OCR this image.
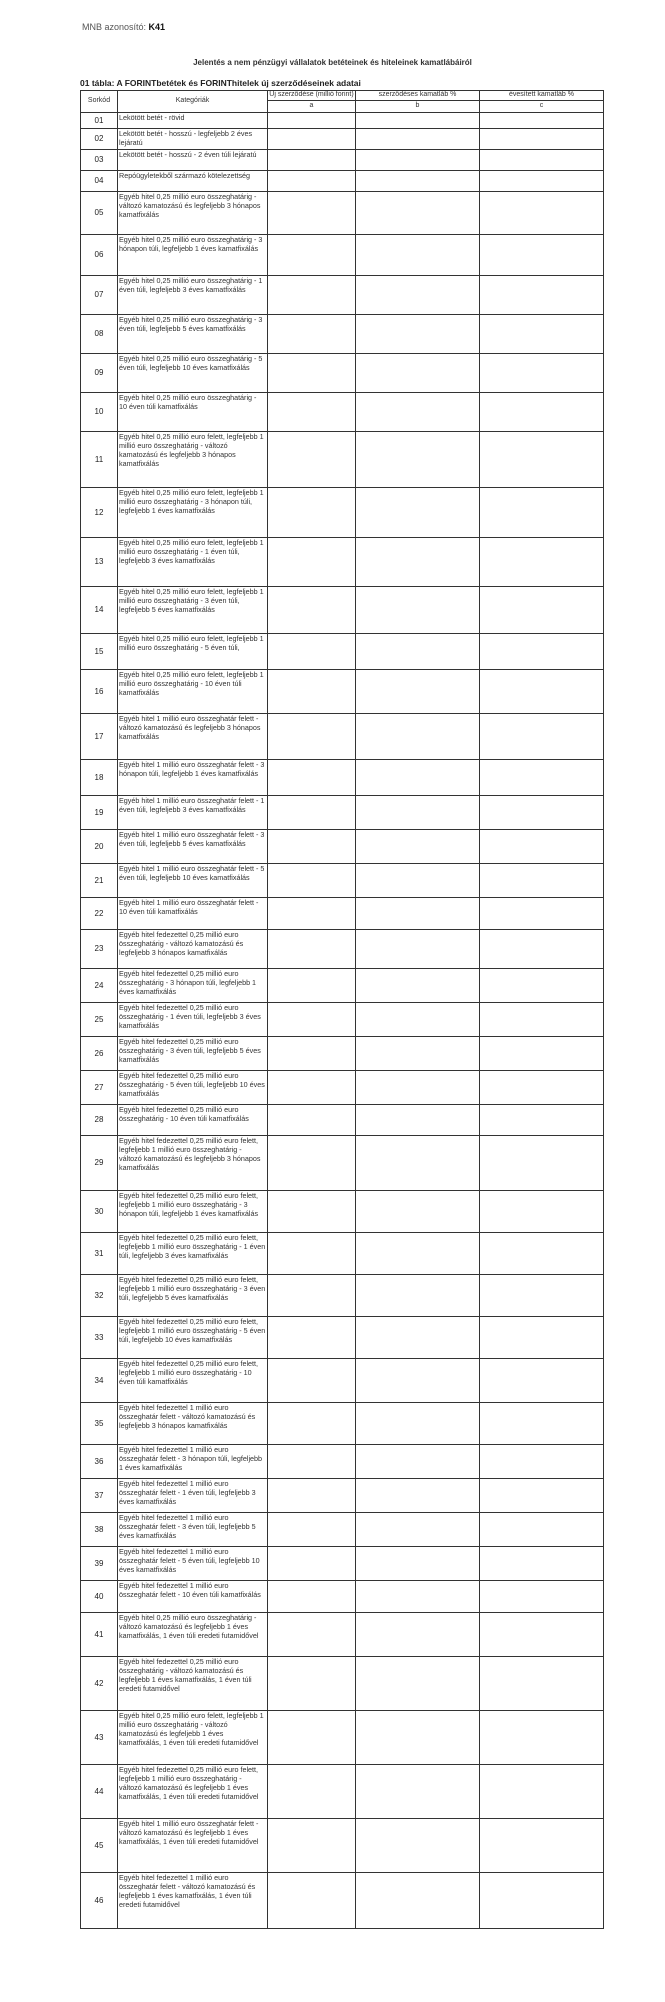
MNB azonosító: K41
Jelentés a nem pénzügyi vállalatok betéteinek és hiteleinek kamatlábáiról
01 tábla: A FORINTbetétek és FORINThitelek új szerződéseinek adatai
Sorkód	Kategóriák	Új szerződése (millió forint)	szerződéses kamatláb %	évesített kamatláb %
		a	b	c
01	Lekötött betét - rövid			
02	Lekötött betét - hosszú - legfeljebb 2 éves lejáratú			
03	Lekötött betét - hosszú - 2 éven túli lejáratú			
04	Repóügyletekből származó kötelezettség			
05	Egyéb hitel 0,25 millió euro összeghatárig - változó kamatozású és legfeljebb 3 hónapos kamatfixálás			
06	Egyéb hitel 0,25 millió euro összeghatárig - 3 hónapon túli, legfeljebb 1 éves kamatfixálás			
07	Egyéb hitel 0,25 millió euro összeghatárig - 1 éven túli, legfeljebb 3 éves kamatfixálás			
08	Egyéb hitel 0,25 millió euro összeghatárig - 3 éven túli, legfeljebb 5 éves kamatfixálás			
09	Egyéb hitel 0,25 millió euro összeghatárig - 5 éven túli, legfeljebb 10 éves kamatfixálás			
10	Egyéb hitel 0,25 millió euro összeghatárig - 10 éven túli kamatfixálás			
11	Egyéb hitel 0,25 millió euro felett, legfeljebb 1 millió euro összeghatárig - változó kamatozású és legfeljebb 3 hónapos kamatfixálás			
12	Egyéb hitel 0,25 millió euro felett, legfeljebb 1 millió euro összeghatárig - 3 hónapon túli, legfeljebb 1 éves kamatfixálás			
13	Egyéb hitel 0,25 millió euro felett, legfeljebb 1 millió euro összeghatárig - 1 éven túli, legfeljebb 3 éves kamatfixálás			
14	Egyéb hitel 0,25 millió euro felett, legfeljebb 1 millió euro összeghatárig - 3 éven túli, legfeljebb 5 éves kamatfixálás			
15	Egyéb hitel 0,25 millió euro felett, legfeljebb 1 millió euro összeghatárig - 5 éven túli,			
16	Egyéb hitel 0,25 millió euro felett, legfeljebb 1 millió euro összeghatárig - 10 éven túli kamatfixálás			
17	Egyéb hitel 1 millió euro összeghatár felett - változó kamatozású és legfeljebb 3 hónapos kamatfixálás			
18	Egyéb hitel 1 millió euro összeghatár felett - 3 hónapon túli, legfeljebb 1 éves kamatfixálás			
19	Egyéb hitel 1 millió euro összeghatár felett - 1 éven túli, legfeljebb 3 éves kamatfixálás			
20	Egyéb hitel 1 millió euro összeghatár felett - 3 éven túli, legfeljebb 5 éves kamatfixálás			
21	Egyéb hitel 1 millió euro összeghatár felett - 5 éven túli, legfeljebb 10 éves kamatfixálás			
22	Egyéb hitel 1 millió euro összeghatár felett - 10 éven túli kamatfixálás			
23	Egyéb hitel fedezettel 0,25 millió euro összeghatárig - változó kamatozású és legfeljebb 3 hónapos kamatfixálás			
24	Egyéb hitel fedezettel 0,25 millió euro összeghatárig - 3 hónapon túli, legfeljebb 1 éves kamatfixálás			
25	Egyéb hitel fedezettel 0,25 millió euro összeghatárig - 1 éven túli, legfeljebb 3 éves kamatfixálás			
26	Egyéb hitel fedezettel 0,25 millió euro összeghatárig - 3 éven túli, legfeljebb 5 éves kamatfixálás			
27	Egyéb hitel fedezettel 0,25 millió euro összeghatárig - 5 éven túli, legfeljebb 10 éves kamatfixálás			
28	Egyéb hitel fedezettel 0,25 millió euro összeghatárig - 10 éven túli kamatfixálás			
29	Egyéb hitel fedezettel 0,25 millió euro felett, legfeljebb 1 millió euro összeghatárig - változó kamatozású és legfeljebb 3 hónapos kamatfixálás			
30	Egyéb hitel fedezettel 0,25 millió euro felett, legfeljebb 1 millió euro összeghatárig - 3 hónapon túli, legfeljebb 1 éves kamatfixálás			
31	Egyéb hitel fedezettel 0,25 millió euro felett, legfeljebb 1 millió euro összeghatárig - 1 éven túli, legfeljebb 3 éves kamatfixálás			
32	Egyéb hitel fedezettel 0,25 millió euro felett, legfeljebb 1 millió euro összeghatárig - 3 éven túli, legfeljebb 5 éves kamatfixálás			
33	Egyéb hitel fedezettel 0,25 millió euro felett, legfeljebb 1 millió euro összeghatárig - 5 éven túli, legfeljebb 10 éves kamatfixálás			
34	Egyéb hitel fedezettel 0,25 millió euro felett, legfeljebb 1 millió euro összeghatárig - 10 éven túli kamatfixálás			
35	Egyéb hitel fedezettel 1 millió euro összeghatár felett - változó kamatozású és legfeljebb 3 hónapos kamatfixálás			
36	Egyéb hitel fedezettel 1 millió euro összeghatár felett - 3 hónapon túli, legfeljebb 1 éves kamatfixálás			
37	Egyéb hitel fedezettel 1 millió euro összeghatár felett - 1 éven túli, legfeljebb 3 éves kamatfixálás			
38	Egyéb hitel fedezettel 1 millió euro összeghatár felett - 3 éven túli, legfeljebb 5 éves kamatfixálás			
39	Egyéb hitel fedezettel 1 millió euro összeghatár felett - 5 éven túli, legfeljebb 10 éves kamatfixálás			
40	Egyéb hitel fedezettel 1 millió euro összeghatár felett - 10 éven túli kamatfixálás			
41	Egyéb hitel 0,25 millió euro összeghatárig - változó kamatozású és legfeljebb 1 éves kamatfixálás, 1 éven túli eredeti futamidővel			
42	Egyéb hitel fedezettel 0,25 millió euro összeghatárig - változó kamatozású és legfeljebb 1 éves kamatfixálás, 1 éven túli eredeti futamidővel			
43	Egyéb hitel 0,25 millió euro felett, legfeljebb 1 millió euro összeghatárig - változó kamatozású és legfeljebb 1 éves kamatfixálás, 1 éven túli eredeti futamidővel			
44	Egyéb hitel fedezettel 0,25 millió euro felett, legfeljebb 1 millió euro összeghatárig - változó kamatozású és legfeljebb 1 éves kamatfixálás, 1 éven túli eredeti futamidővel			
45	Egyéb hitel 1 millió euro összeghatár felett - változó kamatozású és legfeljebb 1 éves kamatfixálás, 1 éven túli eredeti futamidővel			
46	Egyéb hitel fedezettel 1 millió euro összeghatár felett - változó kamatozású és legfeljebb 1 éves kamatfixálás, 1 éven túli eredeti futamidővel			
